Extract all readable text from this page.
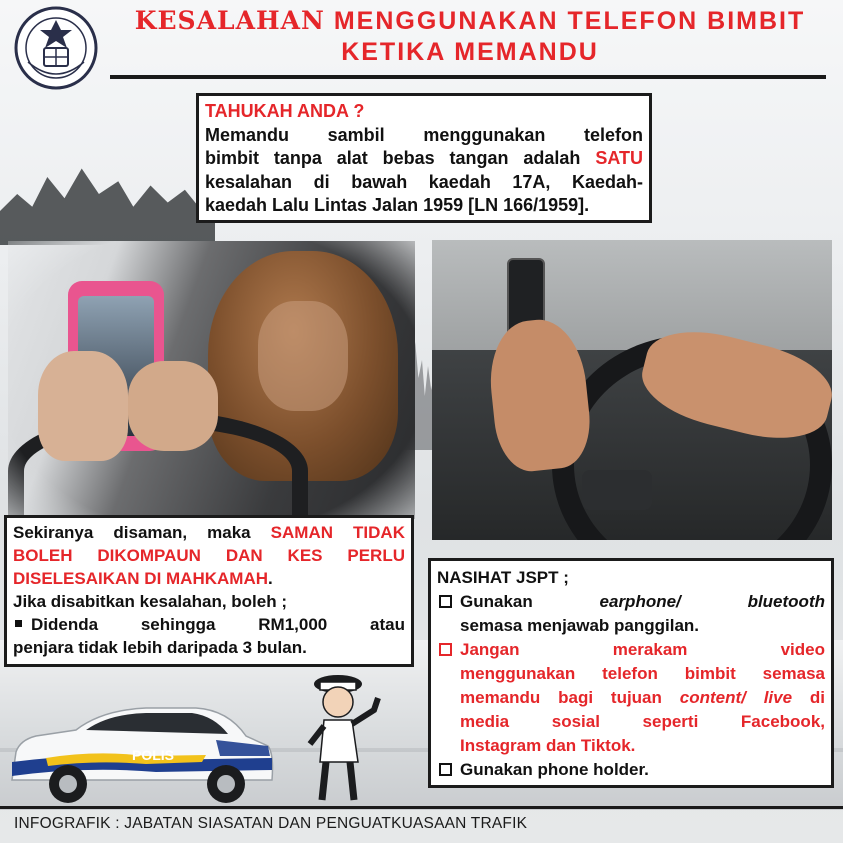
KESALAHAN MENGGUNAKAN TELEFON BIMBIT
KETIKA MEMANDU
TAHUKAH ANDA ?
Memandu sambil menggunakan telefon
bimbit tanpa alat bebas tangan adalah SATU
kesalahan di bawah kaedah 17A, Kaedah-
kaedah Lalu Lintas Jalan 1959 [LN 166/1959].
Sekiranya disaman, maka SAMAN TIDAK
BOLEH DIKOMPAUN DAN KES PERLU
DISELESAIKAN DI MAHKAMAH.
Jika disabitkan kesalahan, boleh ;
Didenda sehingga RM1,000 atau
penjara tidak lebih daripada 3 bulan.
NASIHAT JSPT ;
Gunakan	earphone/	bluetooth
semasa menjawab panggilan.
Jangan merakam video
menggunakan telefon bimbit semasa
memandu bagi tujuan content/ live di
media sosial seperti Facebook,
Instagram dan Tiktok.
Gunakan phone holder.
POLIS
INFOGRAFIK : JABATAN SIASATAN DAN PENGUATKUASAAN TRAFIK
